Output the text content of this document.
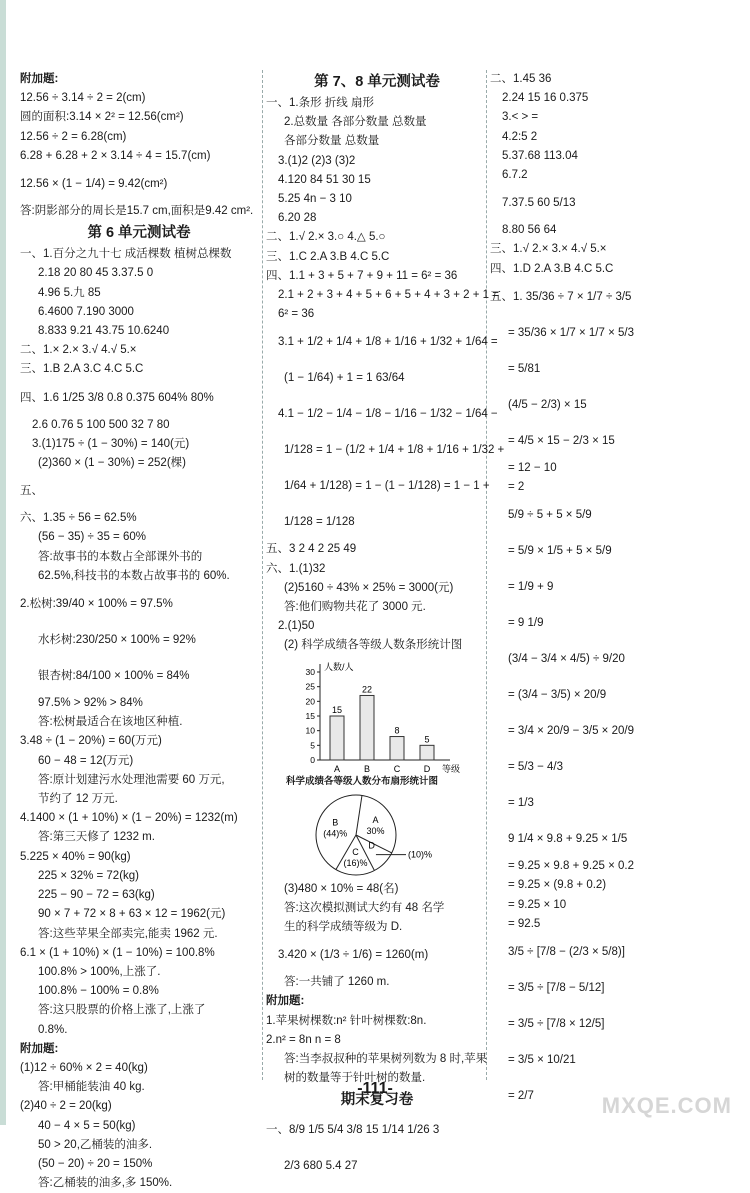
附加题:
12.56 ÷ 3.14 ÷ 2 = 2(cm)
圆的面积:3.14 × 2² = 12.56(cm²)
12.56 ÷ 2 = 6.28(cm)
6.28 + 6.28 + 2 × 3.14 ÷ 4 = 15.7(cm)
12.56 × (1 − 1/4) = 9.42(cm²)
答:阴影部分的周长是15.7 cm,面积是9.42 cm².
第 6 单元测试卷
一、1.百分之九十七 成活棵数 植树总棵数
2.18 20 80 45 3.37.5 0
4.96 5.九 85
6.4600 7.190 3000
8.833 9.21 43.75 10.6240
二、1.× 2.× 3.√ 4.√ 5.×
三、1.B 2.A 3.C 4.C 5.C
四、1.6 1/25 3/8 0.8 0.375 604% 80%
2.6 0.76 5 100 500 32 7 80
3.(1)175 ÷ (1 − 30%) = 140(元)
(2)360 × (1 − 30%) = 252(棵)
五、
六、1.35 ÷ 56 = 62.5%
(56 − 35) ÷ 35 = 60%
答:故事书的本数占全部课外书的
62.5%,科技书的本数占故事书的 60%.
2.松树:39/40 × 100% = 97.5%
水杉树:230/250 × 100% = 92%
银杏树:84/100 × 100% = 84%
97.5% > 92% > 84%
答:松树最适合在该地区种植.
3.48 ÷ (1 − 20%) = 60(万元)
60 − 48 = 12(万元)
答:原计划建污水处理池需要 60 万元,
节约了 12 万元.
4.1400 × (1 + 10%) × (1 − 20%) = 1232(m)
答:第三天修了 1232 m.
5.225 × 40% = 90(kg)
225 × 32% = 72(kg)
225 − 90 − 72 = 63(kg)
90 × 7 + 72 × 8 + 63 × 12 = 1962(元)
答:这些苹果全部卖完,能卖 1962 元.
6.1 × (1 + 10%) × (1 − 10%) = 100.8%
100.8% > 100%,上涨了.
100.8% − 100% = 0.8%
答:这只股票的价格上涨了,上涨了
0.8%.
附加题:
(1)12 ÷ 60% × 2 = 40(kg)
答:甲桶能装油 40 kg.
(2)40 ÷ 2 = 20(kg)
40 − 4 × 5 = 50(kg)
50 > 20,乙桶装的油多.
(50 − 20) ÷ 20 = 150%
答:乙桶装的油多,多 150%.
第 7、8 单元测试卷
一、1.条形 折线 扇形
2.总数量 各部分数量 总数量
各部分数量 总数量
3.(1)2 (2)3 (3)2
4.120 84 51 30 15
5.25 4n − 3 10
6.20 28
二、1.√ 2.× 3.○ 4.△ 5.○
三、1.C 2.A 3.B 4.C 5.C
四、1.1 + 3 + 5 + 7 + 9 + 11 = 6² = 36
2.1 + 2 + 3 + 4 + 5 + 6 + 5 + 4 + 3 + 2 + 1 =
6² = 36
3.1 + 1/2 + 1/4 + 1/8 + 1/16 + 1/32 + 1/64 =
(1 − 1/64) + 1 = 1 63/64
4.1 − 1/2 − 1/4 − 1/8 − 1/16 − 1/32 − 1/64 −
1/128 = 1 − (1/2 + 1/4 + 1/8 + 1/16 + 1/32 +
1/64 + 1/128) = 1 − (1 − 1/128) = 1 − 1 +
1/128 = 1/128
五、3 2 4 2 25 49
六、1.(1)32
(2)5160 ÷ 43% × 25% = 3000(元)
答:他们购物共花了 3000 元.
2.(1)50
(2) 科学成绩各等级人数条形统计图
人数/人
等级
0
5
10
15
20
25
30
15
A
22
B
8
C
5
D
科学成绩各等级人数分布扇形统计图
A
30%
D
(10)%
C
(16)%
B
(44)%
(3)480 × 10% = 48(名)
答:这次模拟测试大约有 48 名学
生的科学成绩等级为 D.
3.420 × (1/3 ÷ 1/6) = 1260(m)
答:一共铺了 1260 m.
附加题:
1.苹果树棵数:n² 针叶树棵数:8n.
2.n² = 8n n = 8
答:当李叔叔种的苹果树列数为 8 时,苹果
树的数量等于针叶树的数量.
期末复习卷
一、8/9 1/5 5/4 3/8 15 1/14 1/26 3
2/3 680 5.4 27
二、1.45 36
2.24 15 16 0.375
3.< > =
4.2:5 2
5.37.68 113.04
6.7.2
7.37.5 60 5/13
8.80 56 64
三、1.√ 2.× 3.× 4.√ 5.×
四、1.D 2.A 3.B 4.C 5.C
五、1. 35/36 ÷ 7 × 1/7 ÷ 3/5
= 35/36 × 1/7 × 1/7 × 5/3
= 5/81
(4/5 − 2/3) × 15
= 4/5 × 15 − 2/3 × 15
= 12 − 10
= 2
5/9 ÷ 5 + 5 × 5/9
= 5/9 × 1/5 + 5 × 5/9
= 1/9 + 9
= 9 1/9
(3/4 − 3/4 × 4/5) ÷ 9/20
= (3/4 − 3/5) × 20/9
= 3/4 × 20/9 − 3/5 × 20/9
= 5/3 − 4/3
= 1/3
9 1/4 × 9.8 + 9.25 × 1/5
= 9.25 × 9.8 + 9.25 × 0.2
= 9.25 × (9.8 + 0.2)
= 9.25 × 10
= 92.5
3/5 ÷ [7/8 − (2/3 × 5/8)]
= 3/5 ÷ [7/8 − 5/12]
= 3/5 ÷ [7/8 × 12/5]
= 3/5 × 10/21
= 2/7
-111-
MXQE.COM
